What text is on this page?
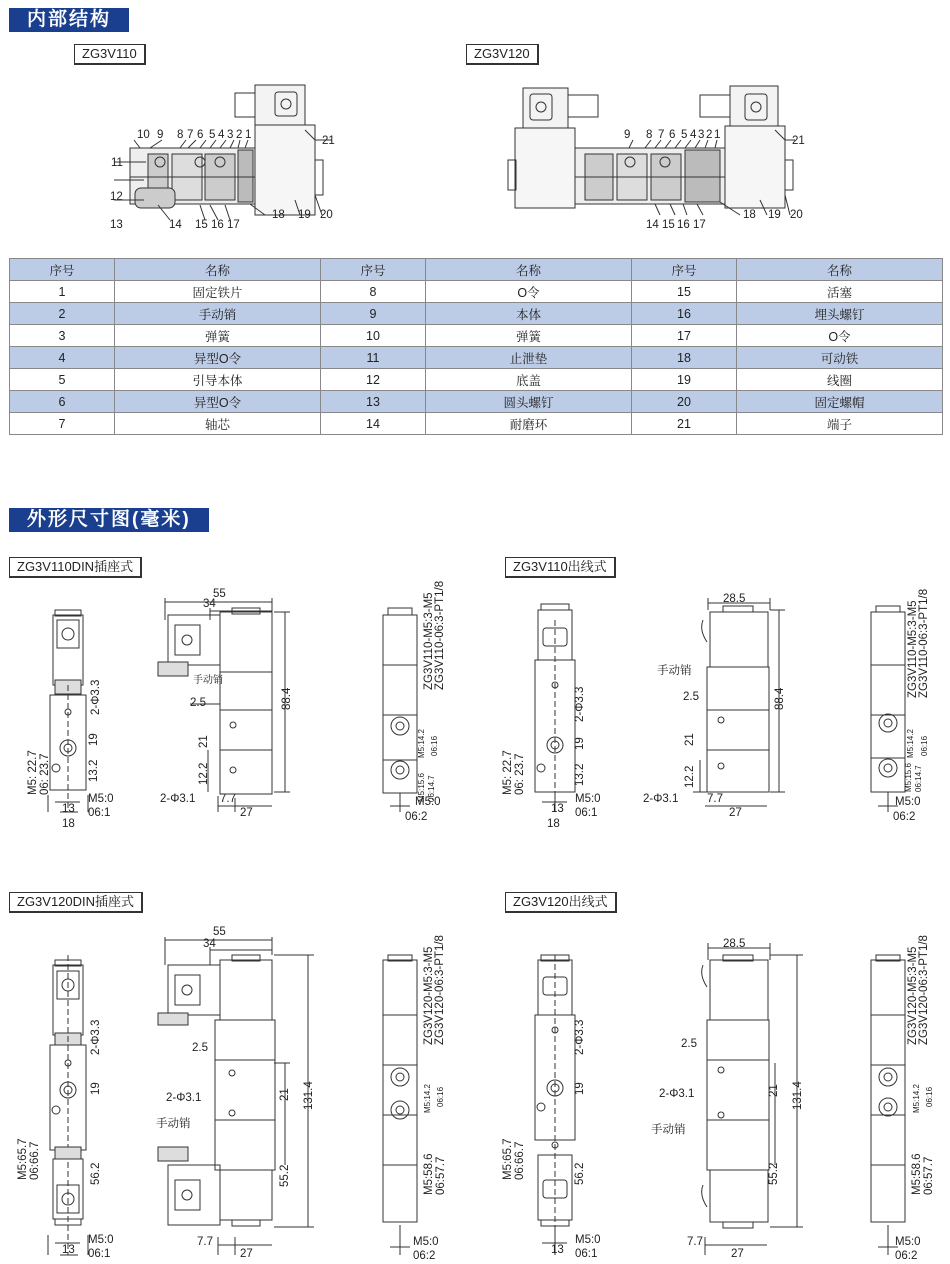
内部结构
ZG3V110	ZG3V120
10 9 8 7 6 5 4 3 2 1	21
11
12
13	14 15 16 17
18 19 20
9 8 7 6 5 4 3 2 1	21
14 15 16 17
18 19 20
序号	名称	序号	名称	序号	名称
1	固定铁片	8	O令	15	活塞
2	手动销	9	本体	16	埋头螺钉
3	弹簧	10	弹簧	17	O令
4	异型O令	11	止泄垫	18	可动铁
5	引导本体	12	底盖	19	线圈
6	异型O令	13	圆头螺钉	20	固定螺帽
7	轴芯	14	耐磨环	21	端子
外形尺寸图(毫米)
ZG3V110DIN插座式	ZG3V110出线式
ZG3V120DIN插座式	ZG3V120出线式
M5: 22.7 06: 23.7
2-Φ3.3
19
13.2
M5:0
06:1
13
18
55
34
手动销
88.4
2.5
21
12.2
2-Φ3.1 7.7
27
ZG3V110-M5:3-M5 ZG3V110-06:3-PT1/8
M5:14.2 06:16
M5:15.6 06:14.7
M5:0
06:2
M5: 22.7 06: 23.7
2-Φ3.3
19
13.2
M5:0
06:1
13
18
28.5
手动销
88.4
2.5
21
12.2
2-Φ3.1 7.7
27
ZG3V110-M5:3-M5 ZG3V110-06:3-PT1/8
M5:14.2 06:16
M5:15.6 06:14.7
M5:0
06:2
M5:65.7 06:66.7
2-Φ3.3
19
56.2
M5:0
06:1
13
55
34
131.4
2.5
21
55.2
2-Φ3.1
手动销
7.7
27
ZG3V120-M5:3-M5 ZG3V120-06:3-PT1/8
M5:14.2 06:16
M5:58.6 06:57.7
M5:0
06:2
M5:65.7 06:66.7
2-Φ3.3
19
56.2
M5:0
06:1
13
28.5
131.4
2.5
21
55.2
2-Φ3.1
手动销
7.7
27
ZG3V120-M5:3-M5 ZG3V120-06:3-PT1/8
M5:14.2 06:16
M5:58.6 06:57.7
M5:0
06:2
